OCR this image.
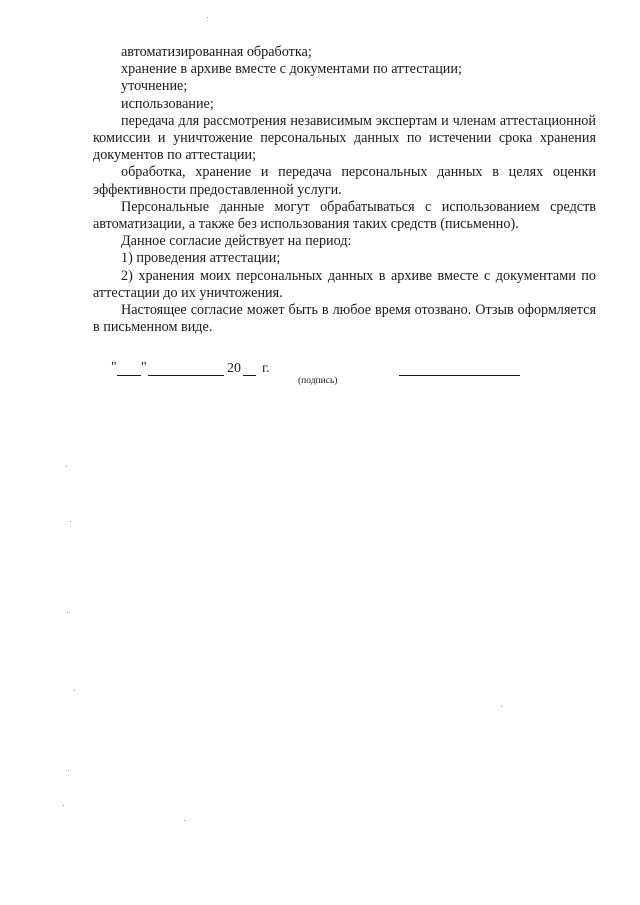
автоматизированная обработка;

хранение в архиве вместе с документами по аттестации;

уточнение;

использование;

передача для рассмотрения независимым экспертам и членам аттестационной комиссии и уничтожение персональных данных по истечении срока хранения документов по аттестации;

обработка, хранение и передача персональных данных в целях оценки эффективности предоставленной услуги.

Персональные данные могут обрабатываться с использованием средств автоматизации, а также без использования таких средств (письменно).

Данное согласие действует на период:

1) проведения аттестации;

2) хранения моих персональных данных в архиве вместе с документами по аттестации до их уничтожения.

Настоящее согласие может быть в любое время отозвано. Отзыв оформляется в письменном виде.

" "	20 г.
(подпись)
